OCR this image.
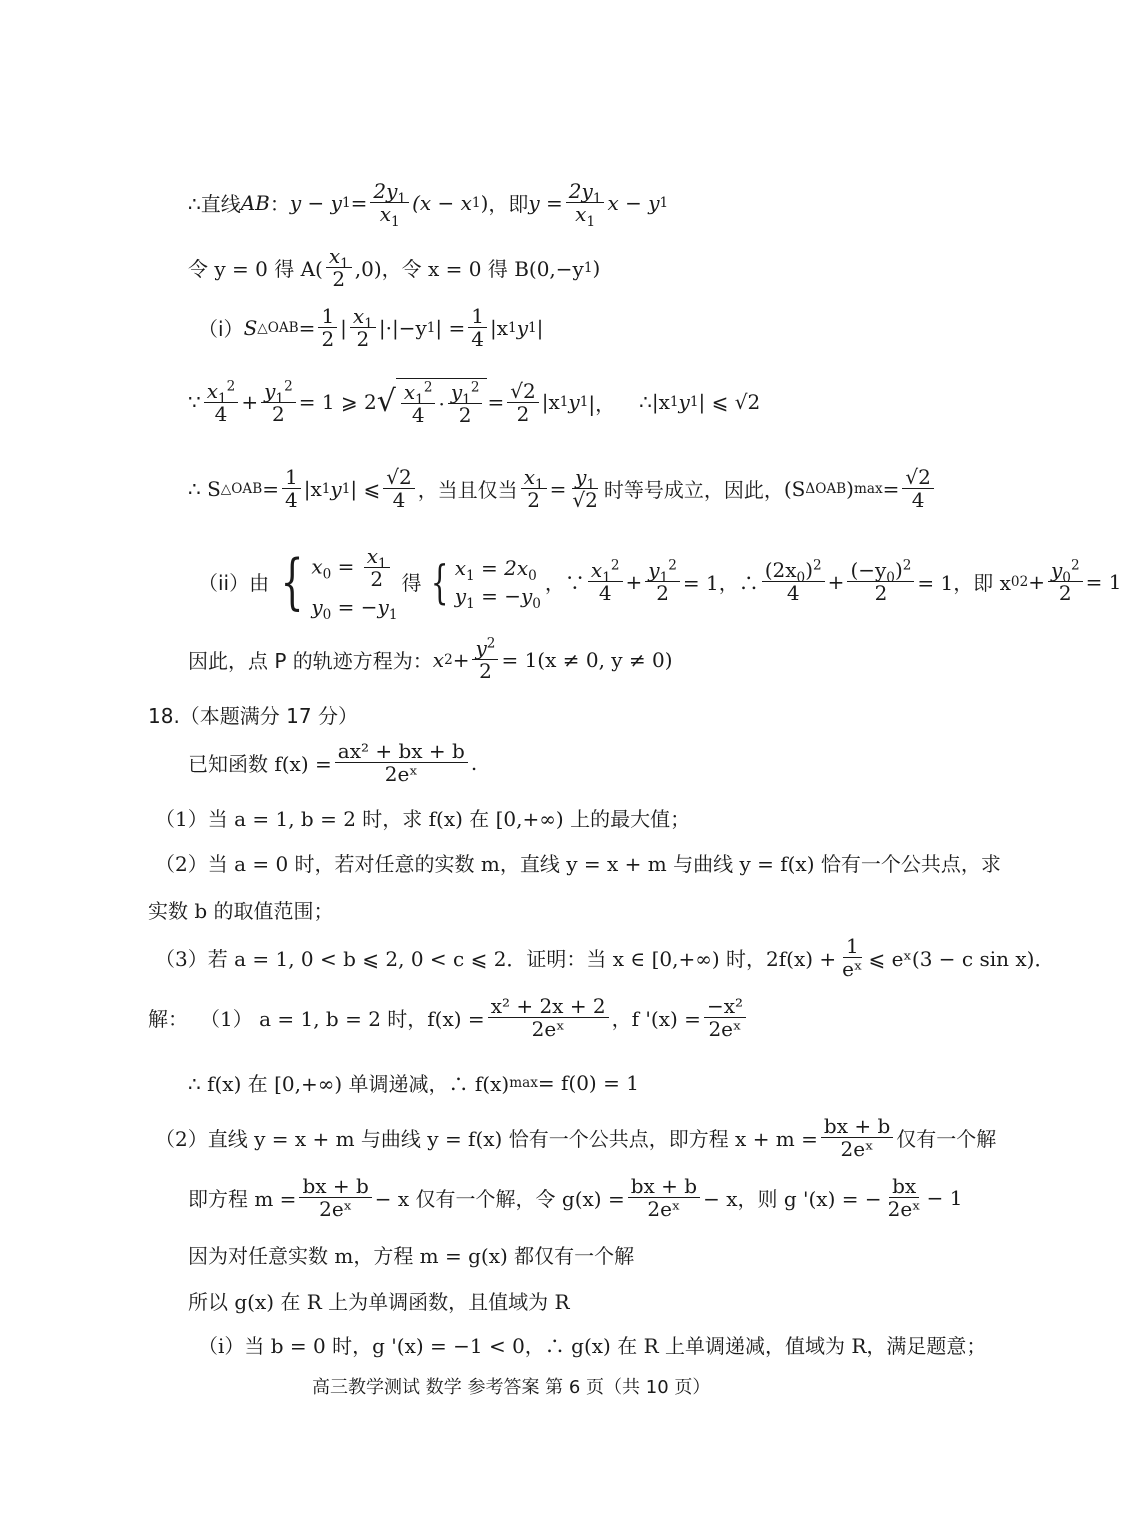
∴直线 AB ： y − y $1 = \frac{2y_1}{x_1} (x - x$ 1 ) ，即 $y = \frac{2y_1}{x_1}$ x − y 1
令 y = 0 得 $A( \frac{x_1}{2} ,0)$，令 x = 0 得 B(0,−y 1 )
（i） S △OAB = $\frac{1}{2}$ | $\frac{x_1}{2} |\cdot|-y$ 1 | = $\frac{1}{4} |x$ 1 y 1 |
∵ $\frac{x_1^2}{4} + \frac{y_1^2}{2} = 1$ ⩾ 2 √ $\frac{x_1^2}{4} \cdot \frac{y_1^2}{2} = \frac{√2}{2} |x$ 1 y 1 |， ∴|x 1 y 1 | ⩽ √2
∴ S △OAB = $\frac{1}{4} |x$ 1 y 1 | ⩽ $\frac{√2}{4}$ ，当且仅当 $\frac{x_1}{2} = \frac{y_1}{√2}$ 时等号成立，因此， (S ΔOAB ) $\max = \frac{√2}{4}$
（ii）由 { $x_0 = \frac{x_1}{2}$
$y_0 = -y_1$
得 { $x_1 = 2x_0$
$y_1 = -y_0$
，∵ $\frac{x_1^2}{4} + \frac{y_1^2}{2} = 1$，∴ $\frac{(2x_0)^2}{4} + \frac{(-y_0)^2}{2} = 1$，即 x 0 $2 + \frac{y_0^2}{2} = 1$
因此，点 P 的轨迹方程为： x $2 + \frac{y^2}{2} = 1(x \ne 0$, y ≠ 0)
18.（本题满分 17 分）
已知函数 $f(x) = \frac{\text{ax² + bx + b}}{\text{2eˣ}}$ .
（1）当 a = 1, b = 2 时，求 f(x) 在 [0,+∞) 上的最大值；
（2）当 a = 0 时，若对任意的实数 m，直线 y = x + m 与曲线 y = f(x) 恰有一个公共点，求
实数 b 的取值范围；
（3）若 a = 1, 0 < b ⩽ 2, 0 < c ⩽ 2．证明：当 x ∈ [0,+∞) 时，$2f(x) + \frac{1}{\text{eˣ}}$ ⩽ eˣ(3 − c sin x)．
解： （1） a = 1, b = 2 时，$f(x) = \frac{\text{x² + 2x + 2}}{\text{2eˣ}}$ ，f '$(x) = \frac{\text{−x²}}{\text{2eˣ}}$
∴ f(x) 在 [0,+∞) 单调递减，∴ f(x) max = f(0) = 1
（2）直线 y = x + m 与曲线 y = f(x) 恰有一个公共点，即方程 $x + m = \frac{bx + b}{\text{2eˣ}}$ 仅有一个解
即方程 $m = \frac{bx + b}{\text{2eˣ}} - x$ 仅有一个解，令 $g(x) = \frac{bx + b}{\text{2eˣ}} - x$，则 g '(x) = − $\frac{bx}{\text{2eˣ}} - 1$
因为对任意实数 m，方程 m = g(x) 都仅有一个解
所以 g(x) 在 R 上为单调函数，且值域为 R
（i）当 b = 0 时，g '(x) = −1 < 0，∴ g(x) 在 R 上单调递减，值域为 R，满足题意；
高三教学测试 数学 参考答案 第 6 页（共 10 页）
